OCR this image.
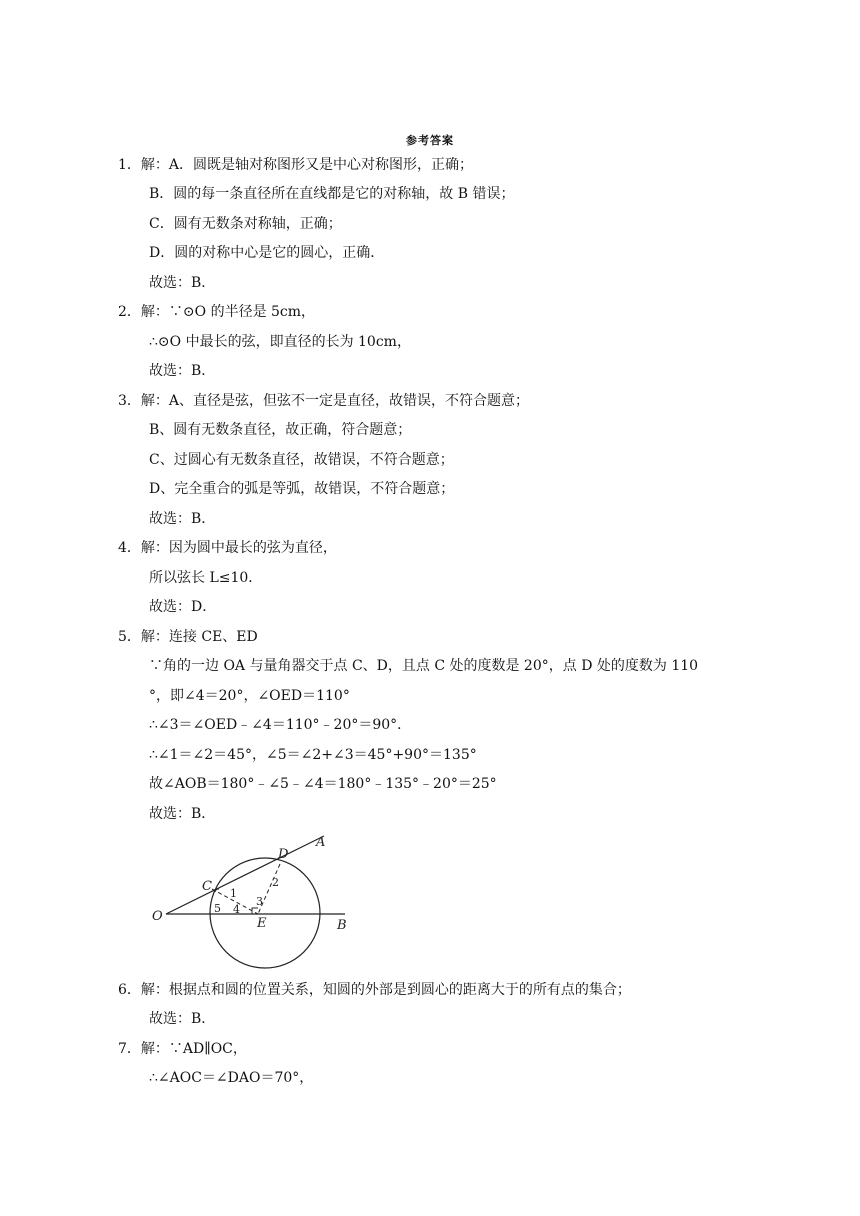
参考答案
1．解：A．圆既是轴对称图形又是中心对称图形，正确；
B．圆的每一条直径所在直线都是它的对称轴，故 B 错误；
C．圆有无数条对称轴，正确；
D．圆的对称中心是它的圆心，正确．
故选：B．
2．解：∵⊙O 的半径是 5cm，
∴⊙O 中最长的弦，即直径的长为 10cm，
故选：B．
3．解：A、直径是弦，但弦不一定是直径，故错误，不符合题意；
B、圆有无数条直径，故正确，符合题意；
C、过圆心有无数条直径，故错误，不符合题意；
D、完全重合的弧是等弧，故错误，不符合题意；
故选：B．
4．解：因为圆中最长的弦为直径，
所以弦长 L≤10．
故选：D．
5．解：连接 CE、ED
∵角的一边 OA 与量角器交于点 C、D，且点 C 处的度数是 20°，点 D 处的度数为 110
°，即∠4＝20°，∠OED＝110°
∴∠3＝∠OED﹣∠4＝110°﹣20°＝90°．
∴∠1＝∠2＝45°，∠5＝∠2+∠3＝45°+90°＝135°
故∠AOB＝180°﹣∠5﹣∠4＝180°﹣135°﹣20°＝25°
故选：B．
O
A
B
C
D
E
1
2
3
4
5
6．解：根据点和圆的位置关系，知圆的外部是到圆心的距离大于的所有点的集合；
故选：B．
7．解：∵AD∥OC，
∴∠AOC＝∠DAO＝70°，
